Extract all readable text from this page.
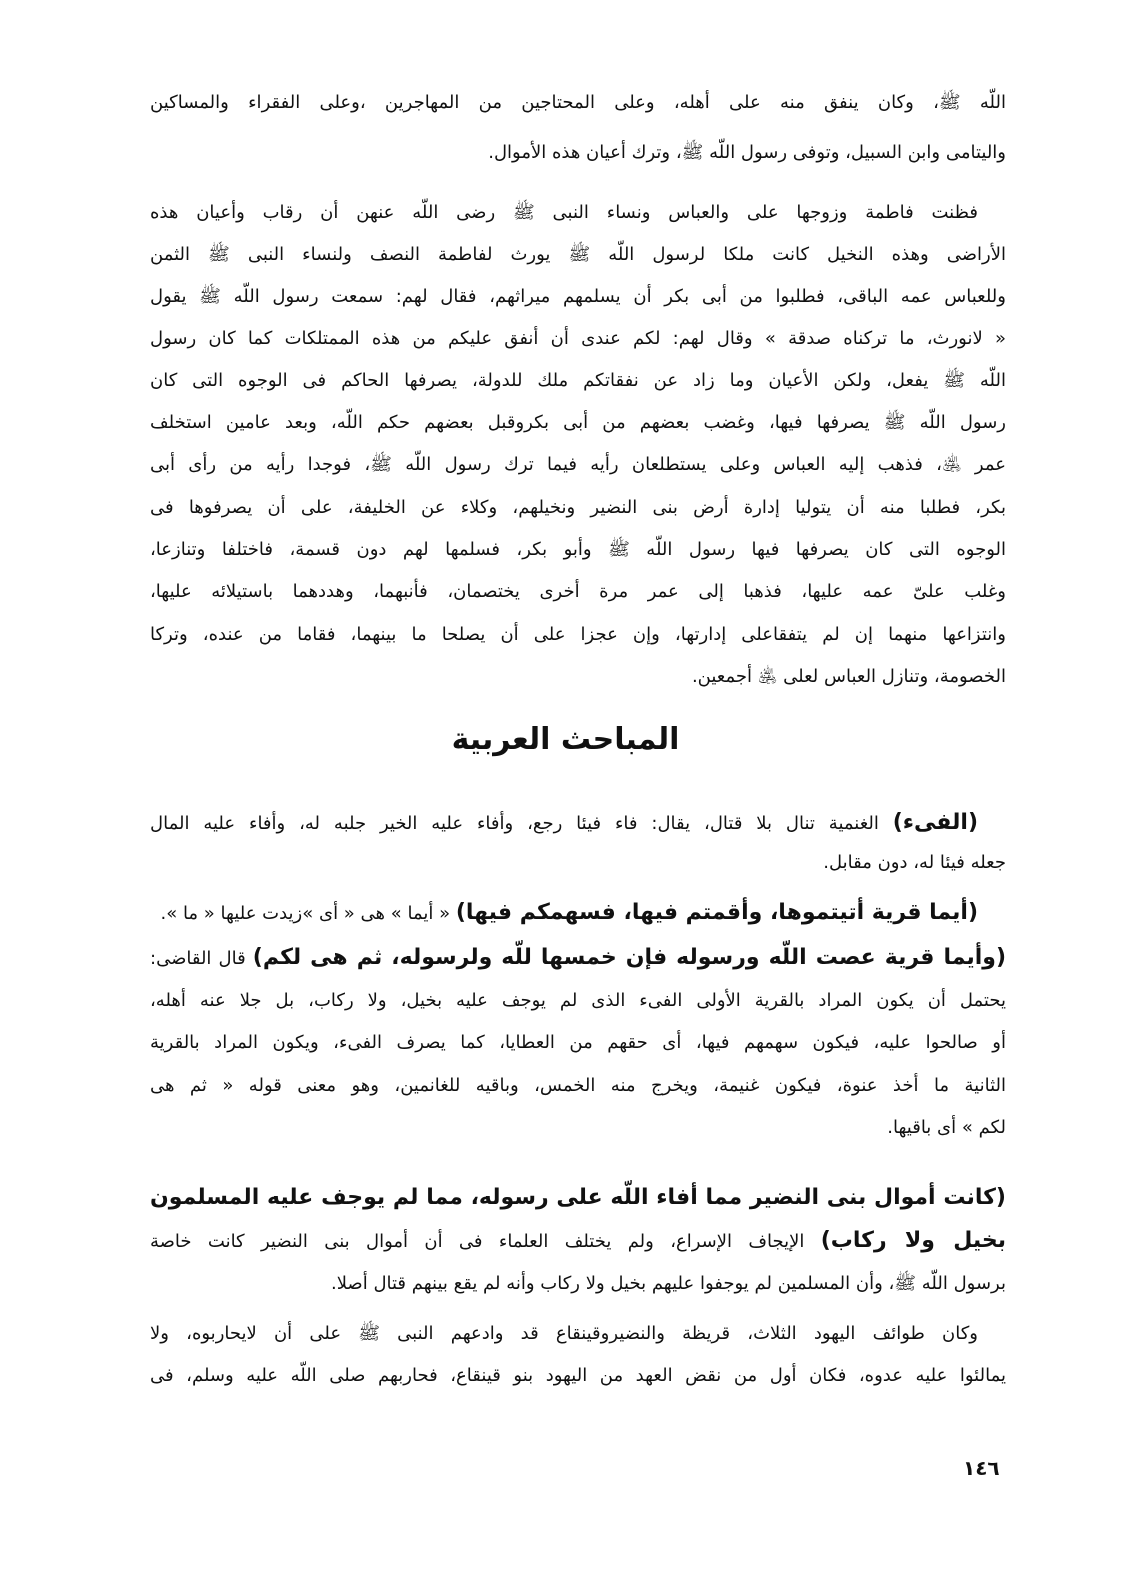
اللّه ﷺ، وكان ينفق منه على أهله، وعلى المحتاجين من المهاجرين ،وعلى الفقراء والمساكين
واليتامى وابن السبيل، وتوفى رسول اللّه ﷺ، وترك أعيان هذه الأموال.
فظنت فاطمة وزوجها على والعباس ونساء النبى ﷺ رضى اللّه عنهن أن رقاب وأعيان هذه
الأراضى وهذه النخيل كانت ملكا لرسول اللّه ﷺ يورث لفاطمة النصف ولنساء النبى ﷺ الثمن
وللعباس عمه الباقى، فطلبوا من أبى بكر أن يسلمهم ميراثهم، فقال لهم: سمعت رسول اللّه ﷺ يقول
« لانورث، ما تركناه صدقة » وقال لهم: لكم عندى أن أنفق عليكم من هذه الممتلكات كما كان رسول
اللّه ﷺ يفعل، ولكن الأعيان وما زاد عن نفقاتكم ملك للدولة، يصرفها الحاكم فى الوجوه التى كان
رسول اللّه ﷺ يصرفها فيها، وغضب بعضهم من أبى بكروقبل بعضهم حكم اللّه، وبعد عامين استخلف
عمر ﵁، فذهب إليه العباس وعلى يستطلعان رأيه فيما ترك رسول اللّه ﷺ، فوجدا رأيه من رأى أبى
بكر، فطلبا منه أن يتوليا إدارة أرض بنى النضير ونخيلهم، وكلاء عن الخليفة، على أن يصرفوها فى
الوجوه التى كان يصرفها فيها رسول اللّه ﷺ وأبو بكر، فسلمها لهم دون قسمة، فاختلفا وتنازعا،
وغلب علىّ عمه عليها، فذهبا إلى عمر مرة أخرى يختصمان، فأنبهما، وهددهما باستيلائه عليها،
وانتزاعها منهما إن لم يتفقاعلى إدارتها، وإن عجزا على أن يصلحا ما بينهما، فقاما من عنده، وتركا
الخصومة، وتنازل العباس لعلى ﵁ أجمعين.
المباحث العربية
(الفىء) الغنمية تنال بلا قتال، يقال: فاء فيئا رجع، وأفاء عليه الخير جلبه له، وأفاء عليه المال
جعله فيئا له، دون مقابل.
(أيما قرية أتيتموها، وأقمتم فيها، فسهمكم فيها) « أيما » هى « أى »زيدت عليها « ما ».
(وأيما قرية عصت اللّه ورسوله فإن خمسها للّه ولرسوله، ثم هى لكم) قال القاضى:
يحتمل أن يكون المراد بالقرية الأولى الفىء الذى لم يوجف عليه بخيل، ولا ركاب، بل جلا عنه أهله،
أو صالحوا عليه، فيكون سهمهم فيها، أى حقهم من العطايا، كما يصرف الفىء، ويكون المراد بالقرية
الثانية ما أخذ عنوة، فيكون غنيمة، ويخرج منه الخمس، وباقيه للغانمين، وهو معنى قوله « ثم هى
لكم » أى باقيها.
(كانت أموال بنى النضير مما أفاء اللّه على رسوله، مما لم يوجف عليه المسلمون
بخيل ولا ركاب) الإيجاف الإسراع، ولم يختلف العلماء فى أن أموال بنى النضير كانت خاصة
برسول اللّه ﷺ، وأن المسلمين لم يوجفوا عليهم بخيل ولا ركاب وأنه لم يقع بينهم قتال أصلا.
وكان طوائف اليهود الثلاث، قريظة والنضيروقينقاع قد وادعهم النبى ﷺ على أن لايحاربوه، ولا
يمالئوا عليه عدوه، فكان أول من نقض العهد من اليهود بنو قينقاع، فحاربهم صلى اللّه عليه وسلم، فى
١٤٦
